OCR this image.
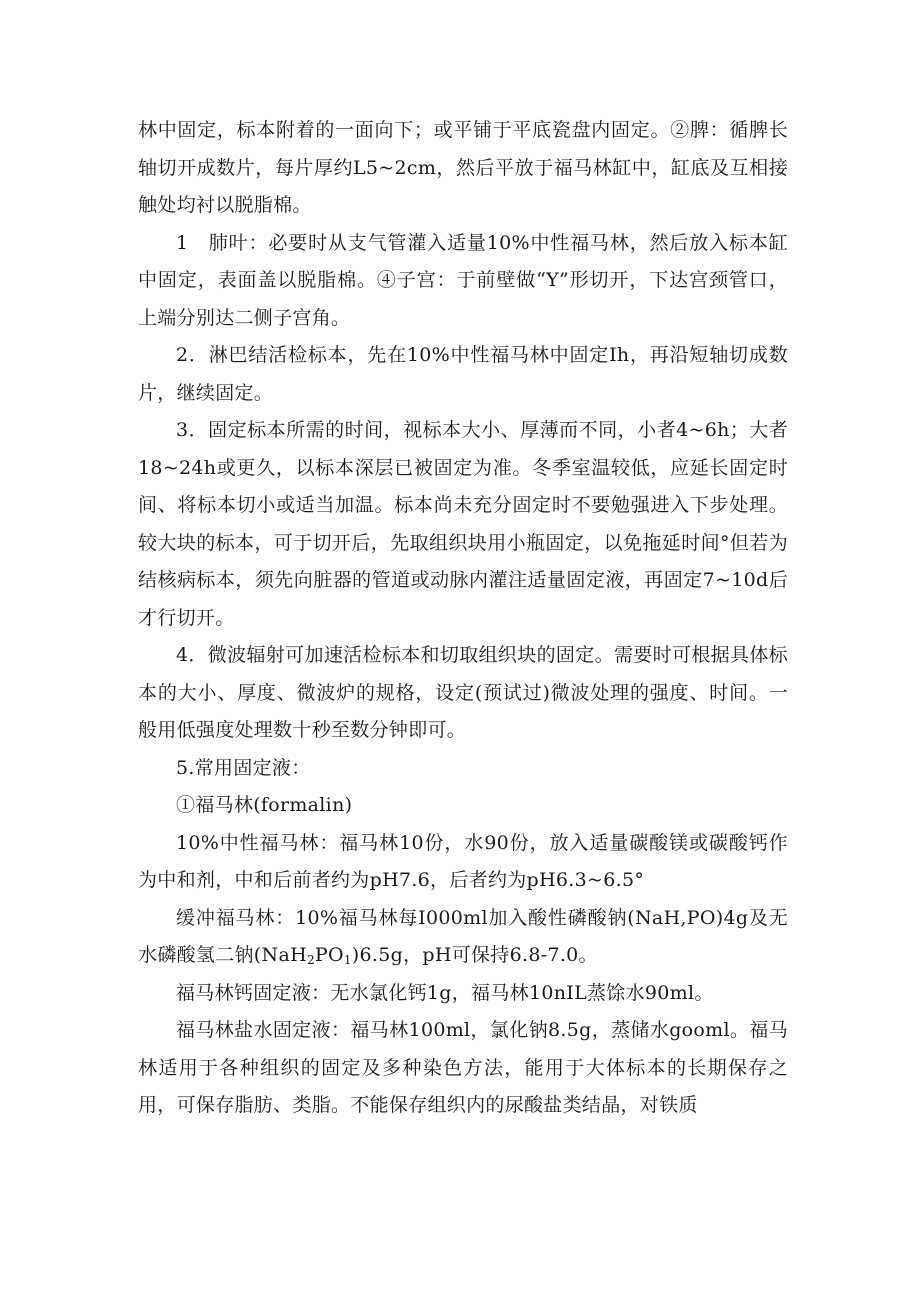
林中固定，标本附着的一面向下；或平铺于平底瓷盘内固定。②脾：循脾长轴切开成数片，每片厚约L5~2cm，然后平放于福马林缸中，缸底及互相接触处均衬以脱脂棉。

1　肺叶：必要时从支气管灌入适量10%中性福马林，然后放入标本缸中固定，表面盖以脱脂棉。④子宫：于前壁做“Y”形切开，下达宫颈管口，上端分别达二侧子宫角。

2．淋巴结活检标本，先在10%中性福马林中固定Ih，再沿短轴切成数片，继续固定。

3．固定标本所需的时间，视标本大小、厚薄而不同，小者4~6h；大者18~24h或更久，以标本深层已被固定为准。冬季室温较低，应延长固定时间、将标本切小或适当加温。标本尚未充分固定时不要勉强进入下步处理。较大块的标本，可于切开后，先取组织块用小瓶固定，以免拖延时间°但若为结核病标本，须先向脏器的管道或动脉内灌注适量固定液，再固定7~10d后才行切开。

4．微波辐射可加速活检标本和切取组织块的固定。需要时可根据具体标本的大小、厚度、微波炉的规格，设定(预试过)微波处理的强度、时间。一般用低强度处理数十秒至数分钟即可。

5.常用固定液：

①福马林(formalin)

10%中性福马林：福马林10份，水90份，放入适量碳酸镁或碳酸钙作为中和剂，中和后前者约为pH7.6，后者约为pH6.3~6.5°

缓冲福马林：10%福马林每I000ml加入酸性磷酸钠(NaH,PO)4g及无水磷酸氢二钠$(NaH_2PO_1)6.5g$，pH可保持6.8-7.0。

福马林钙固定液：无水氯化钙1g，福马林10nIL蒸馀水90ml。

福马林盐水固定液：福马林100ml，氯化钠8.5g，蒸储水gooml。福马林适用于各种组织的固定及多种染色方法，能用于大体标本的长期保存之用，可保存脂肪、类脂。不能保存组织内的尿酸盐类结晶，对铁质
